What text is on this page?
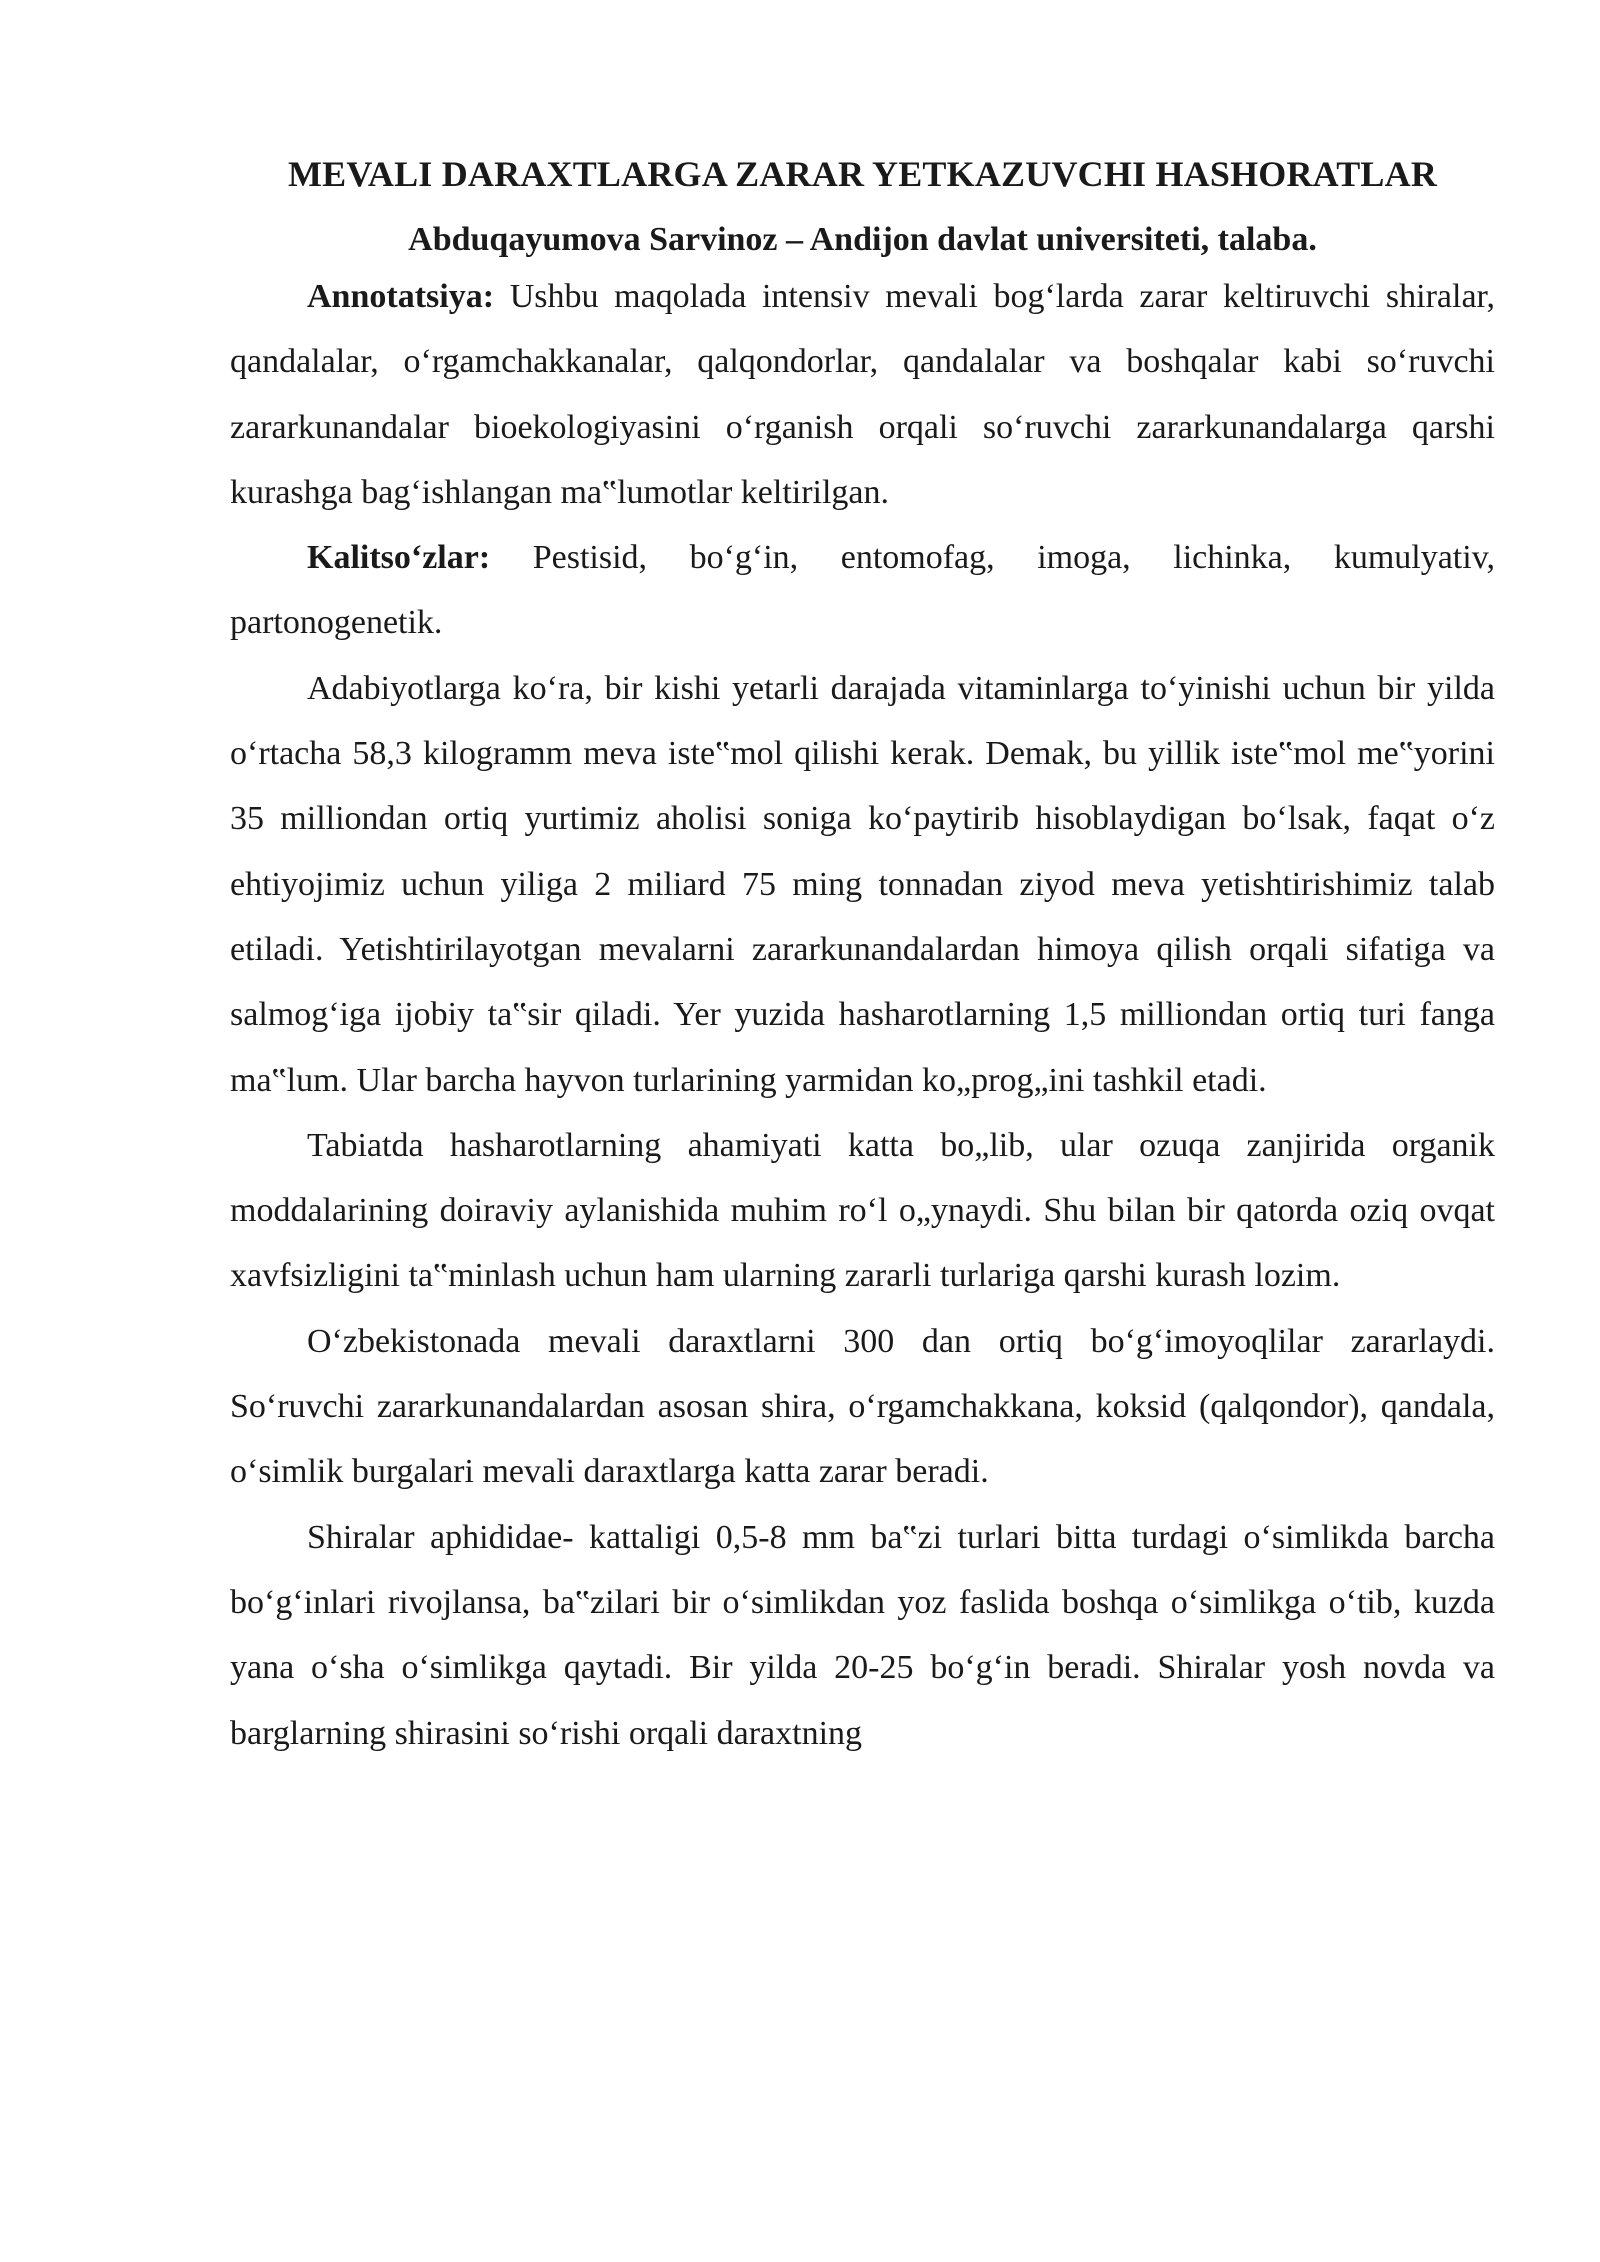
MEVALI DARAXTLARGA ZARAR YETKAZUVCHI HASHORATLAR
Abduqayumova Sarvinoz – Andijon davlat universiteti, talaba.

Annotatsiya: Ushbu maqolada intensiv mevali bog‘larda zarar keltiruvchi shiralar, qandalalar, o‘rgamchakkanalar, qalqondorlar, qandalalar va boshqalar kabi so‘ruvchi zararkunandalar bioekologiyasini o‘rganish orqali so‘ruvchi zararkunandalarga qarshi kurashga bag‘ishlangan ma‟lumotlar keltirilgan.

Kalitso‘zlar: Pestisid, bo‘g‘in, entomofag, imoga, lichinka, kumulyativ, partonogenetik.

Adabiyotlarga ko‘ra, bir kishi yetarli darajada vitaminlarga to‘yinishi uchun bir yilda o‘rtacha 58,3 kilogramm meva iste‟mol qilishi kerak. Demak, bu yillik iste‟mol me‟yorini 35 milliondan ortiq yurtimiz aholisi soniga ko‘paytirib hisoblaydigan bo‘lsak, faqat o‘z ehtiyojimiz uchun yiliga 2 miliard 75 ming tonnadan ziyod meva yetishtirishimiz talab etiladi. Yetishtirilayotgan mevalarni zararkunandalardan himoya qilish orqali sifatiga va salmog‘iga ijobiy ta‟sir qiladi. Yer yuzida hasharotlarning 1,5 milliondan ortiq turi fanga ma‟lum. Ular barcha hayvon turlarining yarmidan ko„prog„ini tashkil etadi.

Tabiatda hasharotlarning ahamiyati katta bo„lib, ular ozuqa zanjirida organik moddalarining doiraviy aylanishida muhim ro‘l o„ynaydi. Shu bilan bir qatorda oziq ovqat xavfsizligini ta‟minlash uchun ham ularning zararli turlariga qarshi kurash lozim.

O‘zbekistonada mevali daraxtlarni 300 dan ortiq bo‘g‘imoyoqlilar zararlaydi. So‘ruvchi zararkunandalardan asosan shira, o‘rgamchakkana, koksid (qalqondor), qandala, o‘simlik burgalari mevali daraxtlarga katta zarar beradi.

Shiralar aphididae- kattaligi 0,5-8 mm ba‟zi turlari bitta turdagi o‘simlikda barcha bo‘g‘inlari rivojlansa, ba‟zilari bir o‘simlikdan yoz faslida boshqa o‘simlikga o‘tib, kuzda yana o‘sha o‘simlikga qaytadi. Bir yilda 20-25 bo‘g‘in beradi. Shiralar yosh novda va barglarning shirasini so‘rishi orqali daraxtning
